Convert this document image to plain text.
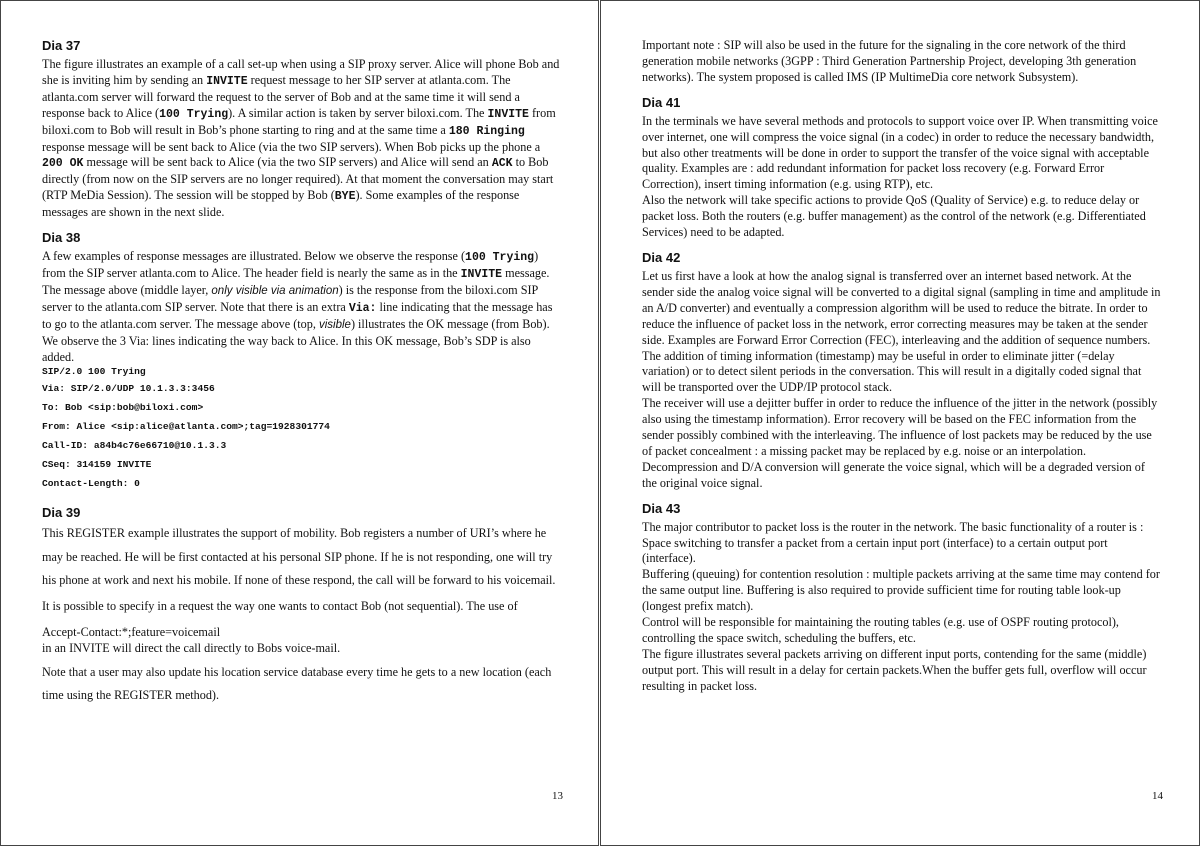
Dia 37

The figure illustrates an example of a call set-up when using a SIP proxy server. Alice will phone Bob and she is inviting him by sending an INVITE request message to her SIP server at atlanta.com. The atlanta.com server will forward the request to the server of Bob and at the same time it will send a response back to Alice (100 Trying). A similar action is taken by server biloxi.com. The INVITE from biloxi.com to Bob will result in Bob’s phone starting to ring and at the same time a 180 Ringing response message will be sent back to Alice (via the two SIP servers). When Bob picks up the phone a 200 OK message will be sent back to Alice (via the two SIP servers) and Alice will send an ACK to Bob directly (from now on the SIP servers are no longer required). At that moment the conversation may start (RTP MeDia Session). The session will be stopped by Bob (BYE). Some examples of the response messages are shown in the next slide.

Dia 38

A few examples of response messages are illustrated. Below we observe the response (100 Trying) from the SIP server atlanta.com to Alice. The header field is nearly the same as in the INVITE message. The message above (middle layer, only visible via animation) is the response from the biloxi.com SIP server to the atlanta.com SIP server. Note that there is an extra Via: line indicating that the message has to go to the atlanta.com server. The message above (top, visible) illustrates the OK message (from Bob). We observe the 3 Via: lines indicating the way back to Alice. In this OK message, Bob’s SDP is also added.

SIP/2.0 100 Trying
Via: SIP/2.0/UDP 10.1.3.3:3456
To: Bob <sip:bob@biloxi.com>
From: Alice <sip:alice@atlanta.com>;tag=1928301774
Call-ID: a84b4c76e66710@10.1.3.3
CSeq: 314159 INVITE
Contact-Length: 0
Dia 39

This REGISTER example illustrates the support of mobility. Bob registers a number of URI’s where he may be reached. He will be first contacted at his personal SIP phone. If he is not responding, one will try his phone at work and next his mobile. If none of these respond, the call will be forward to his voicemail.

It is possible to specify in a request the way one wants to contact Bob (not sequential). The use of

Accept-Contact:*;feature=voicemail
in an INVITE will direct the call directly to Bobs voice-mail.

Note that a user may also update his location service database every time he gets to a new location (each time using the REGISTER method).

13

Important note : SIP will also be used in the future for the signaling in the core network of the third generation mobile networks (3GPP : Third Generation Partnership Project, developing 3th generation networks). The system proposed is called IMS (IP MultimeDia core network Subsystem).

Dia 41

In the terminals we have several methods and protocols to support voice over IP. When transmitting voice over internet, one will compress the voice signal (in a codec) in order to reduce the necessary bandwidth, but also other treatments will be done in order to support the transfer of the voice signal with acceptable quality. Examples are : add redundant information for packet loss recovery (e.g. Forward Error Correction), insert timing information (e.g. using RTP), etc.

Also the network will take specific actions to provide QoS (Quality of Service) e.g. to reduce delay or packet loss. Both the routers (e.g. buffer management) as the control of the network (e.g. Differentiated Services) need to be adapted.

Dia 42

Let us first have a look at how the analog signal is transferred over an internet based network. At the sender side the analog voice signal will be converted to a digital signal (sampling in time and amplitude in an A/D converter) and eventually a compression algorithm will be used to reduce the bitrate. In order to reduce the influence of packet loss in the network, error correcting measures may be taken at the sender side. Examples are Forward Error Correction (FEC), interleaving and the addition of sequence numbers. The addition of timing information (timestamp) may be useful in order to eliminate jitter (=delay variation) or to detect silent periods in the conversation. This will result in a digitally coded signal that will be transported over the UDP/IP protocol stack.

The receiver will use a dejitter buffer in order to reduce the influence of the jitter in the network (possibly also using the timestamp information). Error recovery will be based on the FEC information from the sender possibly combined with the interleaving. The influence of lost packets may be reduced by the use of packet concealment : a missing packet may be replaced by e.g. noise or an interpolation. Decompression and D/A conversion will generate the voice signal, which will be a degraded version of the original voice signal.

Dia 43

The major contributor to packet loss is the router in the network. The basic functionality of a router is :

Space switching to transfer a packet from a certain input port (interface) to a certain output port (interface).

Buffering (queuing) for contention resolution : multiple packets arriving at the same time may contend for the same output line. Buffering is also required to provide sufficient time for routing table look-up (longest prefix match).

Control will be responsible for maintaining the routing tables (e.g. use of OSPF routing protocol), controlling the space switch, scheduling the buffers, etc.

The figure illustrates several packets arriving on different input ports, contending for the same (middle) output port. This will result in a delay for certain packets.When the buffer gets full, overflow will occur resulting in packet loss.

14
